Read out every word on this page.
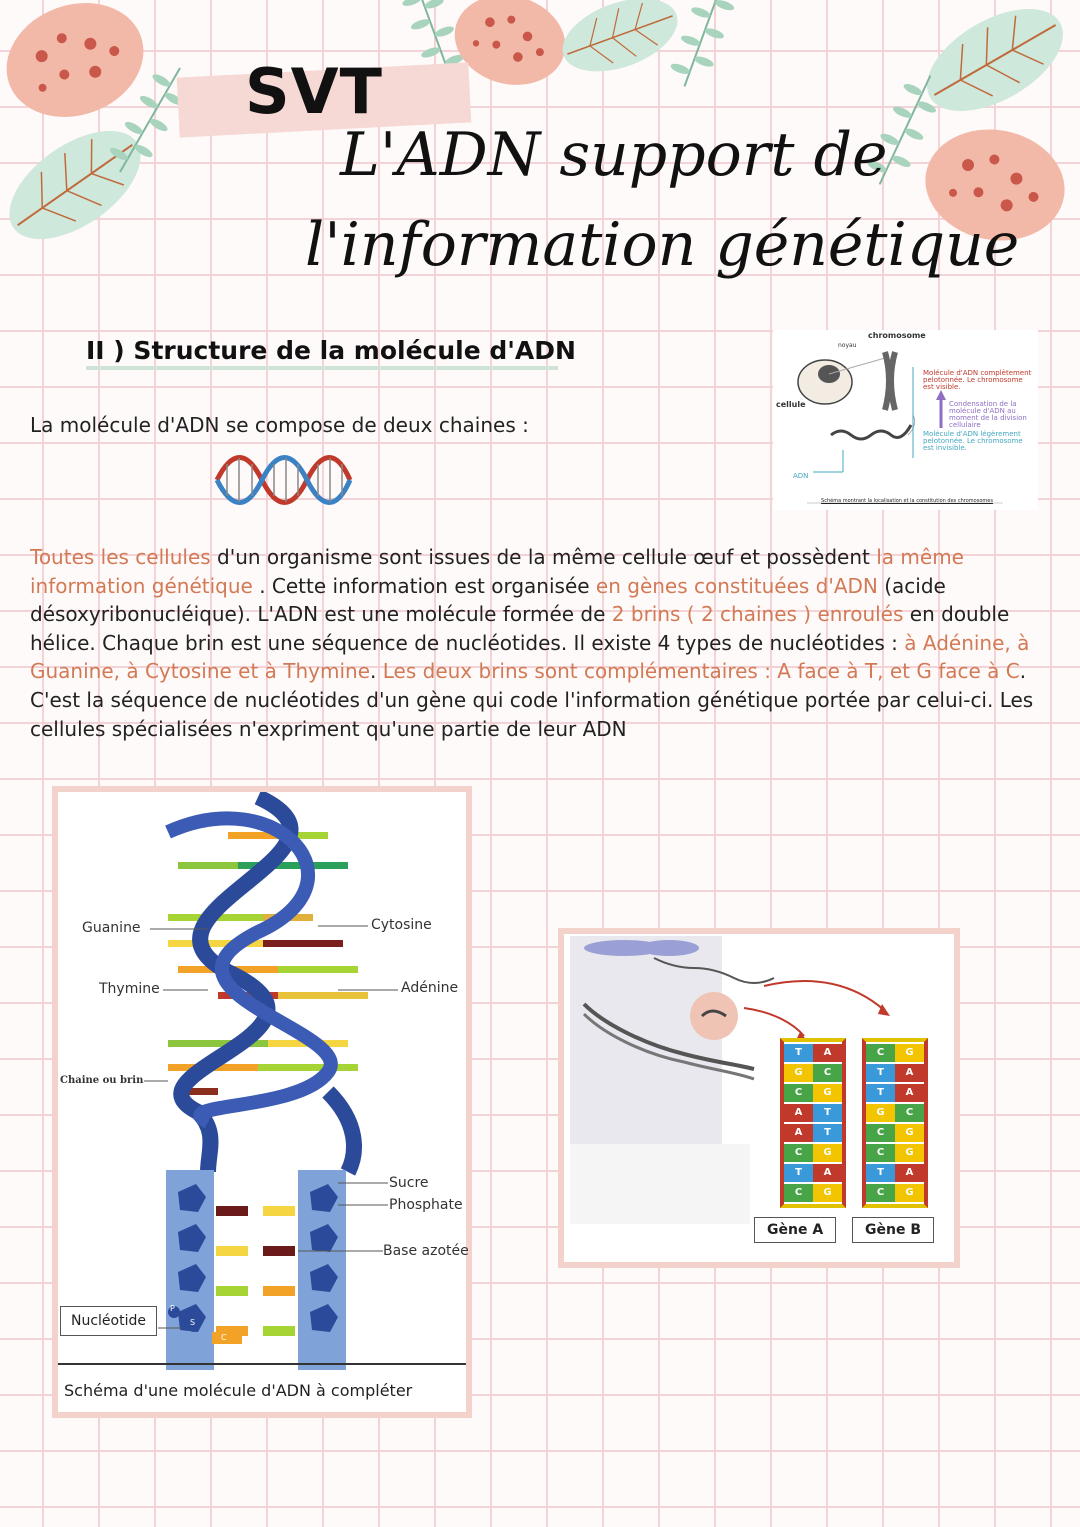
SVT
L'ADN support de
l'information génétique
II ) Structure de la molécule d'ADN
La molécule d'ADN se compose de deux chaines :
chromosome
noyau
cellule
ADN
Molécule d'ADN complètement pelotonnée. Le chromosome est visible.
Condensation de la molécule d'ADN au moment de la division cellulaire
Molécule d'ADN légèrement pelotonnée. Le chromosome est invisible.
Schéma montrant la localisation et la constitution des chromosomes
Toutes les cellules d'un organisme sont issues de la même cellule œuf et possèdent la même information génétique . Cette information est organisée en gènes constituées d'ADN (acide désoxyribonucléique). L'ADN est une molécule formée de 2 brins ( 2 chaines ) enroulés en double hélice. Chaque brin est une séquence de nucléotides. Il existe 4 types de nucléotides : à Adénine, à Guanine, à Cytosine et à Thymine. Les deux brins sont complémentaires : A face à T, et G face à C. C'est la séquence de nucléotides d'un gène qui code l'information génétique portée par celui-ci. Les cellules spécialisées n'expriment qu'une partie de leur ADN
Guanine	Cytosine
Thymine	Adénine
Chaine ou brin
Sucre
Phosphate
Base azotée
Nucléotide
P
S
C
Schéma d'une molécule d'ADN à compléter
T	A
G	C
C	G
A	T
A	T
C	G
T	A
C	G
C	G
T	A
T	A
G	C
C	G
C	G
T	A
C	G
Gène A	Gène B
